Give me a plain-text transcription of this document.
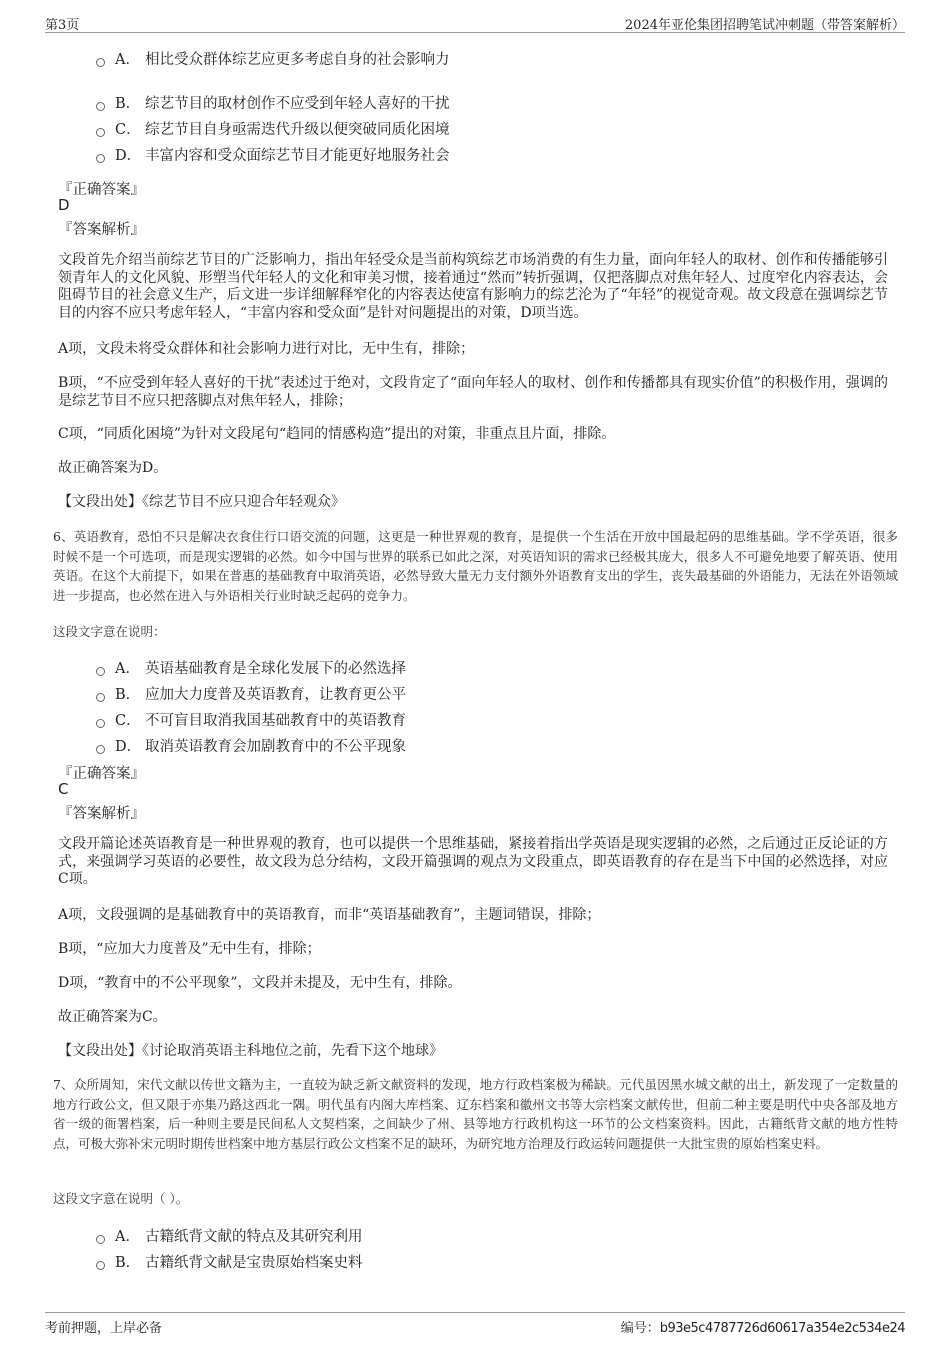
第3页	2024年亚伦集团招聘笔试冲刺题（带答案解析）
A． 相比受众群体综艺应更多考虑自身的社会影响力
B． 综艺节目的取材创作不应受到年轻人喜好的干扰
C． 综艺节目自身亟需迭代升级以便突破同质化困境
D． 丰富内容和受众面综艺节目才能更好地服务社会
『正确答案』
D
『答案解析』
文段首先介绍当前综艺节目的广泛影响力，指出年轻受众是当前构筑综艺市场消费的有生力量，面向年轻人的取材、创作和传播能够引领青年人的文化风貌、形塑当代年轻人的文化和审美习惯，接着通过“然而”转折强调，仅把落脚点对焦年轻人、过度窄化内容表达，会阻碍节目的社会意义生产，后文进一步详细解释窄化的内容表达使富有影响力的综艺沦为了“年轻”的视觉奇观。故文段意在强调综艺节目的内容不应只考虑年轻人，“丰富内容和受众面”是针对问题提出的对策，D项当选。
A项，文段未将受众群体和社会影响力进行对比，无中生有，排除；
B项，“不应受到年轻人喜好的干扰”表述过于绝对，文段肯定了“面向年轻人的取材、创作和传播都具有现实价值”的积极作用，强调的是综艺节目不应只把落脚点对焦年轻人，排除；
C项，“同质化困境”为针对文段尾句“趋同的情感构造”提出的对策，非重点且片面，排除。
故正确答案为D。
【文段出处】《综艺节目不应只迎合年轻观众》
6、英语教育，恐怕不只是解决衣食住行口语交流的问题，这更是一种世界观的教育，是提供一个生活在开放中国最起码的思维基础。学不学英语，很多时候不是一个可选项，而是现实逻辑的必然。如今中国与世界的联系已如此之深，对英语知识的需求已经极其庞大，很多人不可避免地要了解英语、使用英语。在这个大前提下，如果在普惠的基础教育中取消英语，必然导致大量无力支付额外外语教育支出的学生，丧失最基础的外语能力，无法在外语领域进一步提高，也必然在进入与外语相关行业时缺乏起码的竞争力。
这段文字意在说明：
A． 英语基础教育是全球化发展下的必然选择
B． 应加大力度普及英语教育，让教育更公平
C． 不可盲目取消我国基础教育中的英语教育
D． 取消英语教育会加剧教育中的不公平现象
『正确答案』
C
『答案解析』
文段开篇论述英语教育是一种世界观的教育，也可以提供一个思维基础，紧接着指出学英语是现实逻辑的必然，之后通过正反论证的方式，来强调学习英语的必要性，故文段为总分结构，文段开篇强调的观点为文段重点，即英语教育的存在是当下中国的必然选择，对应C项。
A项，文段强调的是基础教育中的英语教育，而非“英语基础教育”，主题词错误，排除；
B项，“应加大力度普及”无中生有，排除；
D项，“教育中的不公平现象”，文段并未提及，无中生有，排除。
故正确答案为C。
【文段出处】《讨论取消英语主科地位之前，先看下这个地球》
7、众所周知，宋代文献以传世文籍为主，一直较为缺乏新文献资料的发现，地方行政档案极为稀缺。元代虽因黑水城文献的出土，新发现了一定数量的地方行政公文，但又限于亦集乃路这西北一隅。明代虽有内阁大库档案、辽东档案和徽州文书等大宗档案文献传世，但前二种主要是明代中央各部及地方省一级的衙署档案，后一种则主要是民间私人文契档案，之间缺少了州、县等地方行政机构这一环节的公文档案资料。因此，古籍纸背文献的地方性特点，可极大弥补宋元明时期传世档案中地方基层行政公文档案不足的缺环，为研究地方治理及行政运转问题提供一大批宝贵的原始档案史料。
这段文字意在说明（ ）。
A． 古籍纸背文献的特点及其研究利用
B． 古籍纸背文献是宝贵原始档案史料
考前押题，上岸必备	编号：b93e5c4787726d60617a354e2c534e24
